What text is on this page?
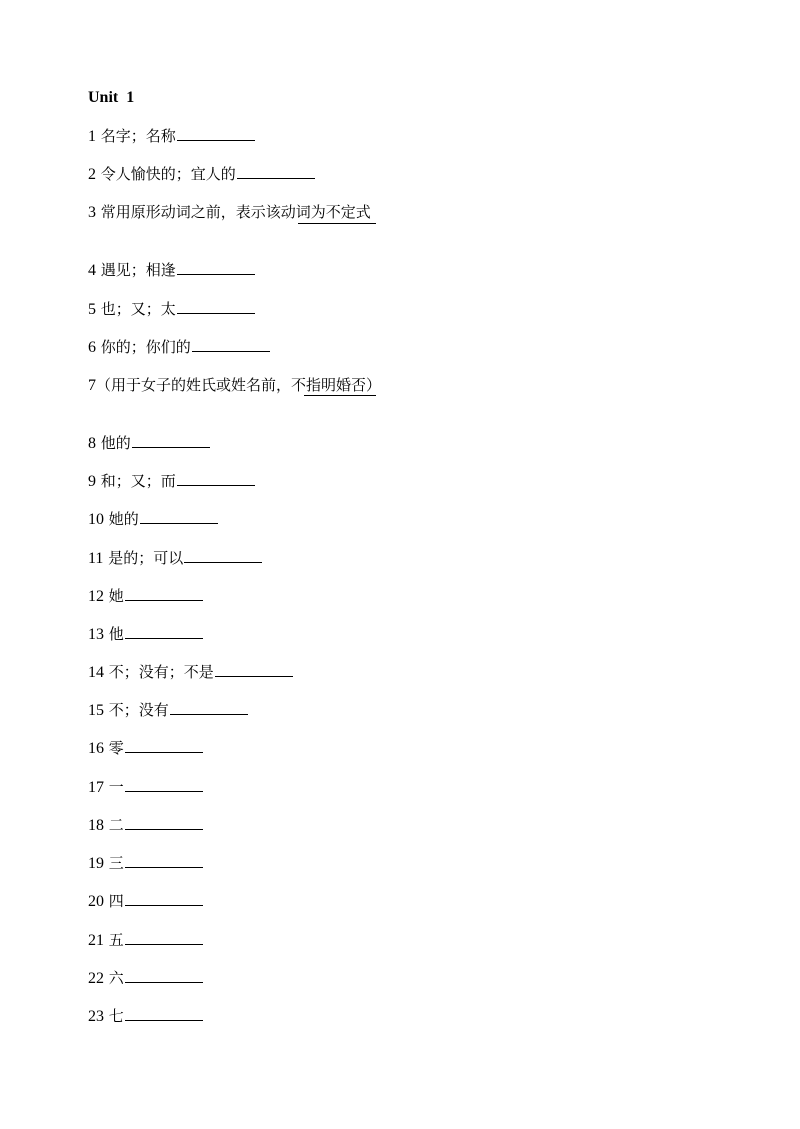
Unit  1
1 名字；名称
2 令人愉快的；宜人的
3 常用原形动词之前，表示该动词为不定式
4 遇见；相逢
5 也；又；太
6 你的；你们的
7（用于女子的姓氏或姓名前，不指明婚否）
8 他的
9 和；又；而
10 她的
11 是的；可以
12 她
13 他
14 不；没有；不是
15 不；没有
16 零
17 一
18 二
19 三
20 四
21 五
22 六
23 七
